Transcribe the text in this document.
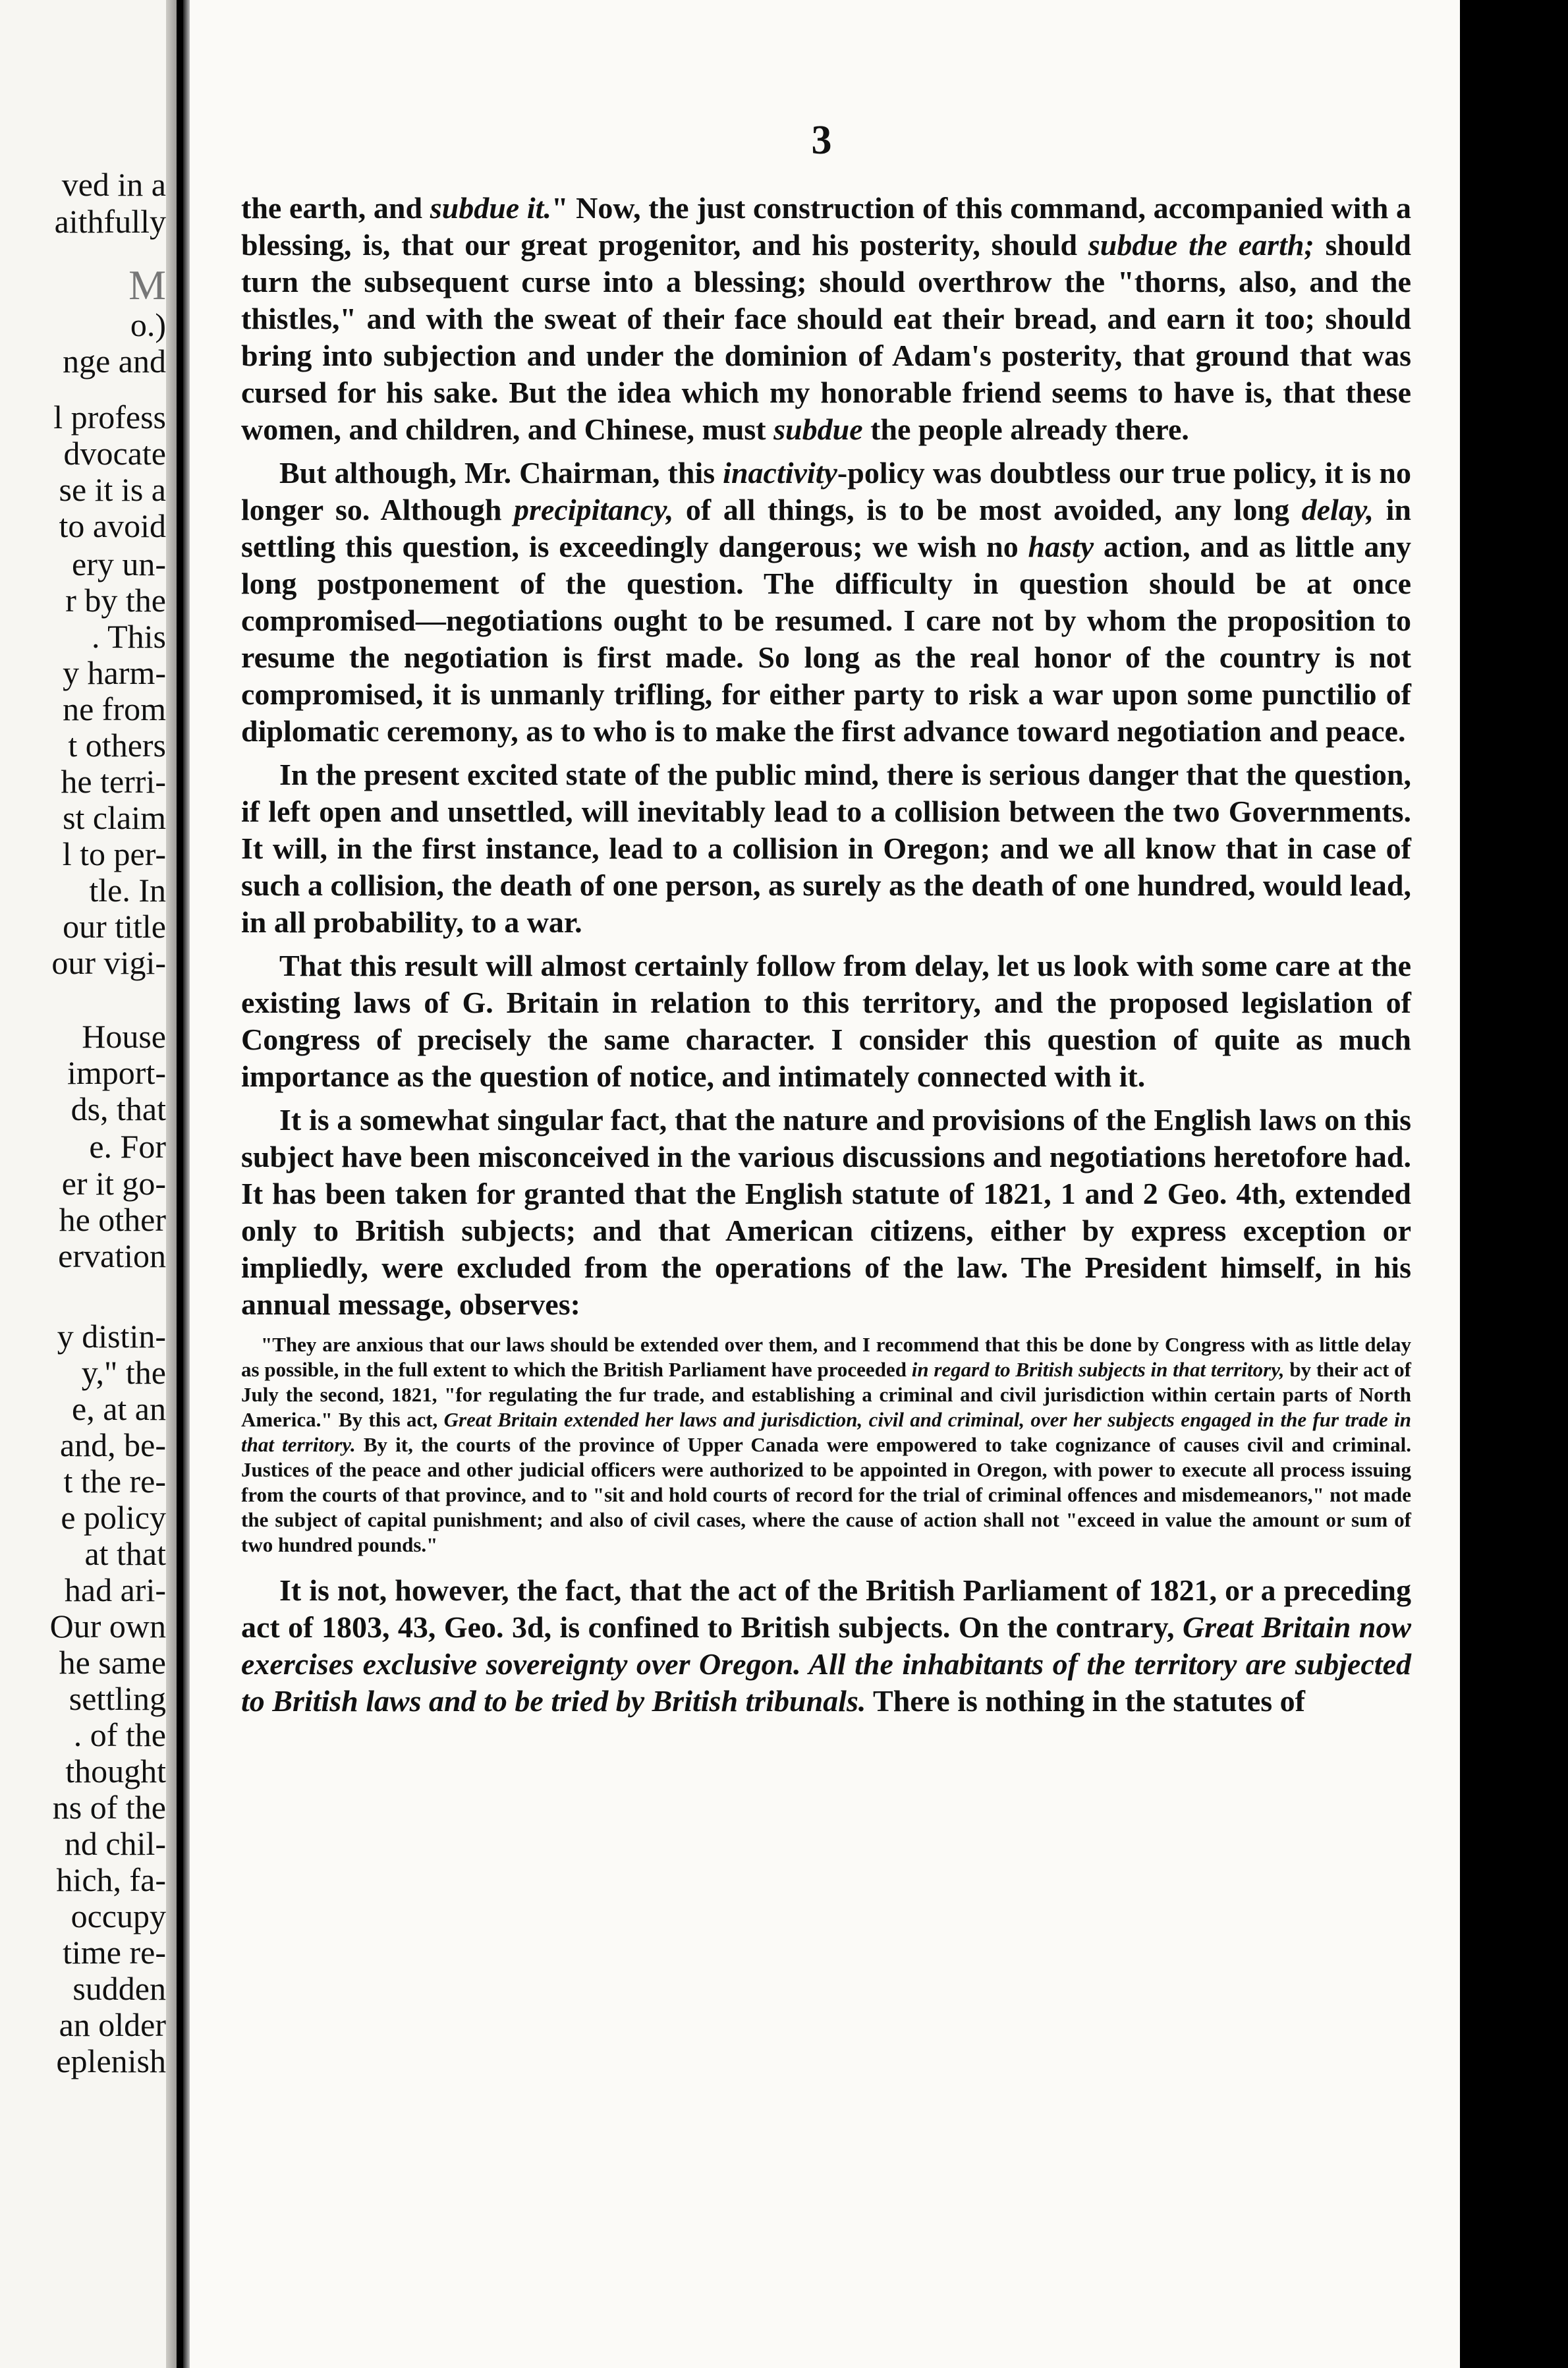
ved in a
aithfully
M
o.)
nge and
l profess
dvocate
se it is a
to avoid
ery un-
r by the
. This
y harm-
ne from
t others
he terri-
st claim
l to per-
tle. In
our title
our vigi-
House
import-
ds, that
e. For
er it go-
he other
ervation
y distin-
y," the
e, at an
and, be-
t the re-
e policy
at that
had ari-
Our own
he same
settling
. of the
thought
ns of the
nd chil-
hich, fa-
occupy
time re-
sudden
an older
eplenish
3

the earth, and subdue it." Now, the just construction of this command, accompanied with a blessing, is, that our great progenitor, and his posterity, should subdue the earth; should turn the subsequent curse into a blessing; should overthrow the "thorns, also, and the thistles," and with the sweat of their face should eat their bread, and earn it too; should bring into subjection and under the dominion of Adam's posterity, that ground that was cursed for his sake. But the idea which my honorable friend seems to have is, that these women, and children, and Chinese, must subdue the people already there.

But although, Mr. Chairman, this inactivity-policy was doubtless our true policy, it is no longer so. Although precipitancy, of all things, is to be most avoided, any long delay, in settling this question, is exceedingly dangerous; we wish no hasty action, and as little any long postponement of the question. The difficulty in question should be at once compromised—negotiations ought to be resumed. I care not by whom the proposition to resume the negotiation is first made. So long as the real honor of the country is not compromised, it is unmanly trifling, for either party to risk a war upon some punctilio of diplomatic ceremony, as to who is to make the first advance toward negotiation and peace.

In the present excited state of the public mind, there is serious danger that the question, if left open and unsettled, will inevitably lead to a collision between the two Governments. It will, in the first instance, lead to a collision in Oregon; and we all know that in case of such a collision, the death of one person, as surely as the death of one hundred, would lead, in all probability, to a war.

That this result will almost certainly follow from delay, let us look with some care at the existing laws of G. Britain in relation to this territory, and the proposed legislation of Congress of precisely the same character. I consider this question of quite as much importance as the question of notice, and intimately connected with it.

It is a somewhat singular fact, that the nature and provisions of the English laws on this subject have been misconceived in the various discussions and negotiations heretofore had. It has been taken for granted that the English statute of 1821, 1 and 2 Geo. 4th, extended only to British subjects; and that American citizens, either by express exception or impliedly, were excluded from the operations of the law. The President himself, in his annual message, observes:

"They are anxious that our laws should be extended over them, and I recommend that this be done by Congress with as little delay as possible, in the full extent to which the British Parliament have proceeded in regard to British subjects in that territory, by their act of July the second, 1821, "for regulating the fur trade, and establishing a criminal and civil jurisdiction within certain parts of North America." By this act, Great Britain extended her laws and jurisdiction, civil and criminal, over her subjects engaged in the fur trade in that territory. By it, the courts of the province of Upper Canada were empowered to take cognizance of causes civil and criminal. Justices of the peace and other judicial officers were authorized to be appointed in Oregon, with power to execute all process issuing from the courts of that province, and to "sit and hold courts of record for the trial of criminal offences and misdemeanors," not made the subject of capital punishment; and also of civil cases, where the cause of action shall not "exceed in value the amount or sum of two hundred pounds."

It is not, however, the fact, that the act of the British Parliament of 1821, or a preceding act of 1803, 43, Geo. 3d, is confined to British subjects. On the contrary, Great Britain now exercises exclusive sovereignty over Oregon. All the inhabitants of the territory are subjected to British laws and to be tried by British tribunals. There is nothing in the statutes of
